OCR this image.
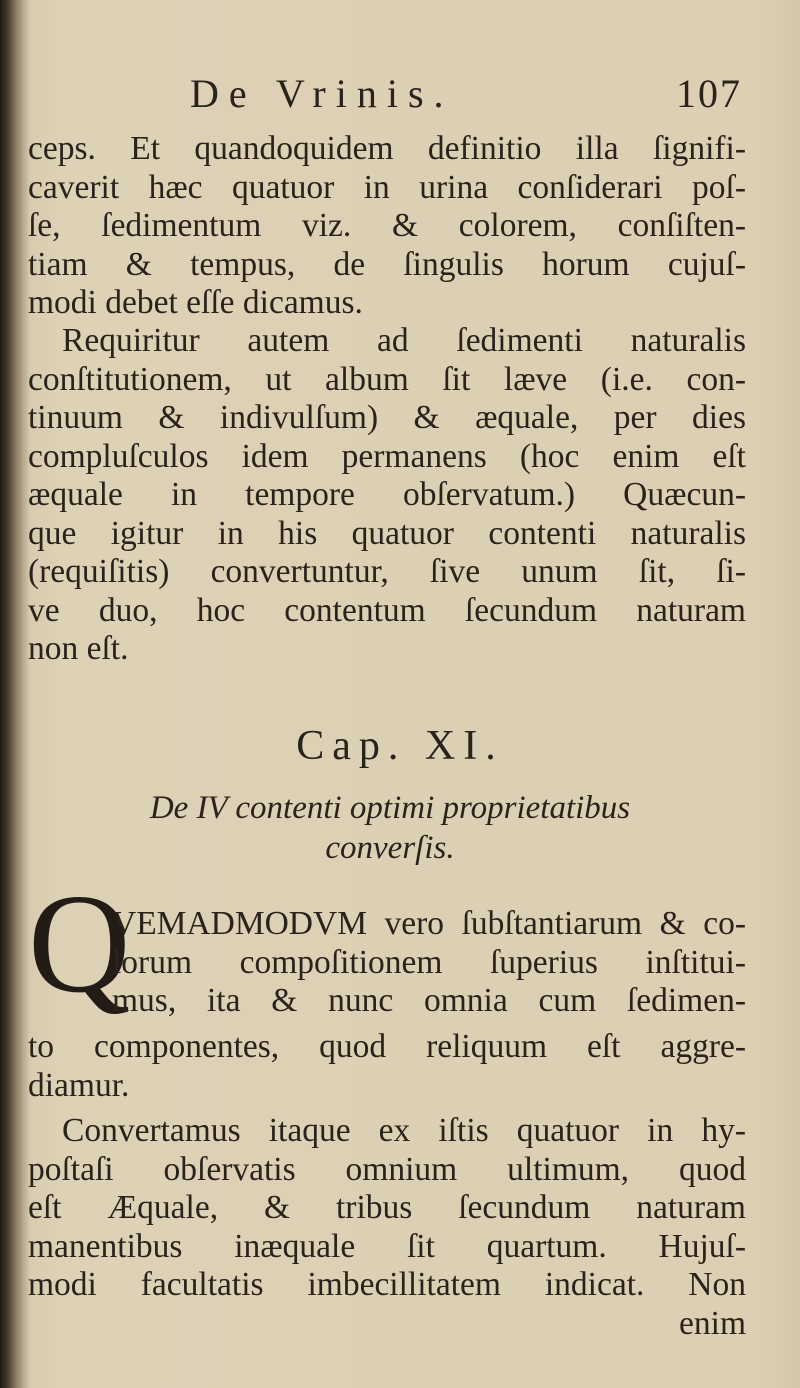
De Vrinis.	107
ceps. Et quandoquidem definitio illa ſignifi-
caverit hæc quatuor in urina conſiderari poſ-
ſe, ſedimentum viz. & colorem, conſiſten-
tiam & tempus, de ſingulis horum cujuſ-
modi debet eſſe dicamus.
Requiritur autem ad ſedimenti naturalis
conſtitutionem, ut album ſit læve (i.e. con-
tinuum & indivulſum) & æquale, per dies
compluſculos idem permanens (hoc enim eſt
æquale in tempore obſervatum.) Quæcun-
que igitur in his quatuor contenti naturalis
(requiſitis) convertuntur, ſive unum ſit, ſi-
ve duo, hoc contentum ſecundum naturam
non eſt.
Cap. XI.
De IV contenti optimi proprietatibus
converſis.
Q
VEMADMODVM vero ſubſtantiarum & co-
lorum compoſitionem ſuperius inſtitui-
mus, ita & nunc omnia cum ſedimen-
to componentes, quod reliquum eſt aggre-
diamur.
Convertamus itaque ex iſtis quatuor in hy-
poſtaſi obſervatis omnium ultimum, quod
eſt Æquale, & tribus ſecundum naturam
manentibus inæquale ſit quartum. Hujuſ-
modi facultatis imbecillitatem indicat. Non
enim
